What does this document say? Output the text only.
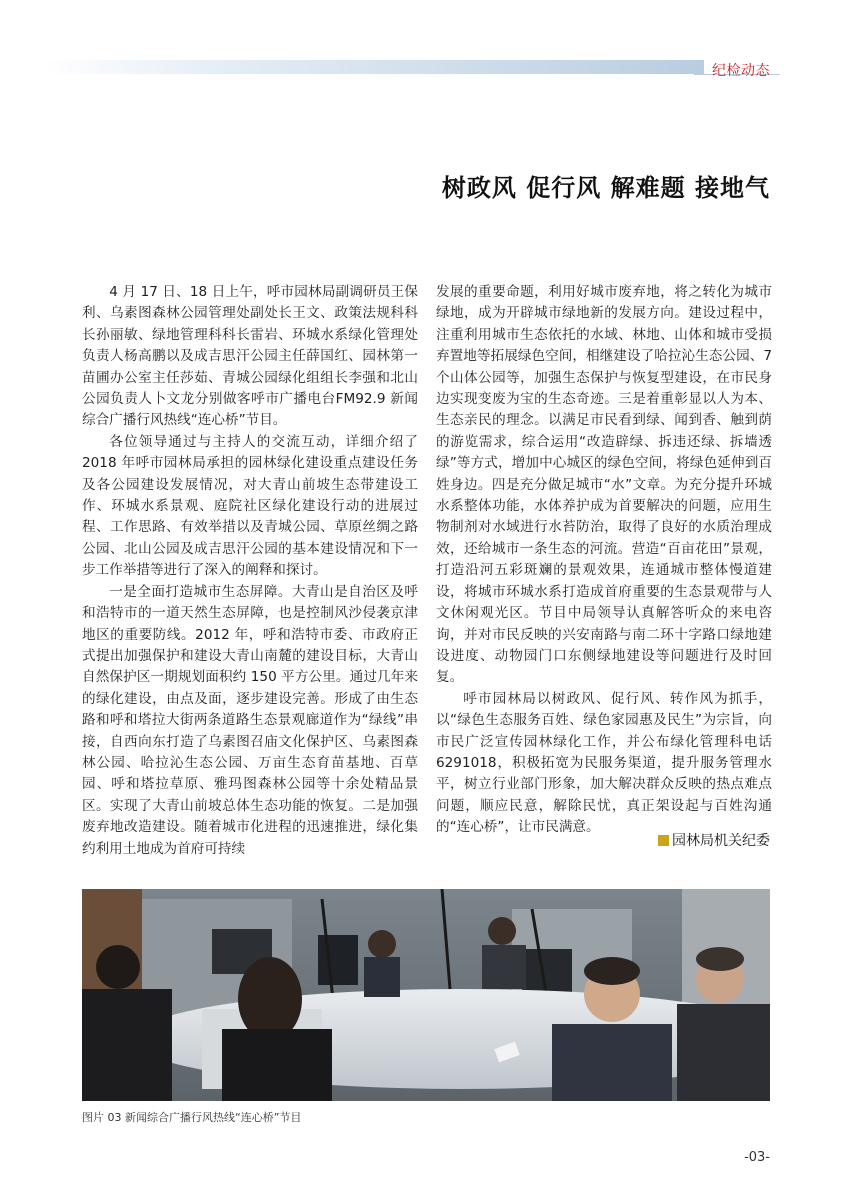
纪检动态
树政风 促行风 解难题 接地气

4 月 17 日、18 日上午，呼市园林局副调研员王保利、乌素图森林公园管理处副处长王文、政策法规科科长孙丽敏、绿地管理科科长雷岩、环城水系绿化管理处负责人杨高鹏以及成吉思汗公园主任薛国红、园林第一苗圃办公室主任莎茹、青城公园绿化组组长李强和北山公园负责人卜文龙分别做客呼市广播电台FM92.9 新闻综合广播行风热线“连心桥”节目。

各位领导通过与主持人的交流互动，详细介绍了2018 年呼市园林局承担的园林绿化建设重点建设任务及各公园建设发展情况，对大青山前坡生态带建设工作、环城水系景观、庭院社区绿化建设行动的进展过程、工作思路、有效举措以及青城公园、草原丝绸之路公园、北山公园及成吉思汗公园的基本建设情况和下一步工作举措等进行了深入的阐释和探讨。

一是全面打造城市生态屏障。大青山是自治区及呼和浩特市的一道天然生态屏障，也是控制风沙侵袭京津地区的重要防线。2012 年，呼和浩特市委、市政府正式提出加强保护和建设大青山南麓的建设目标，大青山自然保护区一期规划面积约 150 平方公里。通过几年来的绿化建设，由点及面，逐步建设完善。形成了由生态路和呼和塔拉大街两条道路生态景观廊道作为“绿线”串接，自西向东打造了乌素图召庙文化保护区、乌素图森林公园、哈拉沁生态公园、万亩生态育苗基地、百草园、呼和塔拉草原、雅玛图森林公园等十余处精品景区。实现了大青山前坡总体生态功能的恢复。二是加强废弃地改造建设。随着城市化进程的迅速推进，绿化集约利用土地成为首府可持续

发展的重要命题，利用好城市废弃地，将之转化为城市绿地，成为开辟城市绿地新的发展方向。建设过程中，注重利用城市生态依托的水域、林地、山体和城市受损弃置地等拓展绿色空间，相继建设了哈拉沁生态公园、7 个山体公园等，加强生态保护与恢复型建设，在市民身边实现变废为宝的生态奇迹。三是着重彰显以人为本、生态亲民的理念。以满足市民看到绿、闻到香、触到荫的游览需求，综合运用“改造辟绿、拆违还绿、拆墙透绿”等方式，增加中心城区的绿色空间，将绿色延伸到百姓身边。四是充分做足城市“水”文章。为充分提升环城水系整体功能，水体养护成为首要解决的问题，应用生物制剂对水域进行水苔防治，取得了良好的水质治理成效，还给城市一条生态的河流。营造“百亩花田”景观，打造沿河五彩斑斓的景观效果，连通城市整体慢道建设，将城市环城水系打造成首府重要的生态景观带与人文休闲观光区。节目中局领导认真解答听众的来电咨询，并对市民反映的兴安南路与南二环十字路口绿地建设进度、动物园门口东侧绿地建设等问题进行及时回复。

呼市园林局以树政风、促行风、转作风为抓手，以“绿色生态服务百姓、绿色家园惠及民生”为宗旨，向市民广泛宣传园林绿化工作，并公布绿化管理科电话 6291018，积极拓宽为民服务渠道，提升服务管理水平，树立行业部门形象，加大解决群众反映的热点难点问题，顺应民意，解除民忧，真正架设起与百姓沟通的“连心桥”，让市民满意。

园林局机关纪委
图片 03 新闻综合广播行风热线“连心桥”节目
-03-
